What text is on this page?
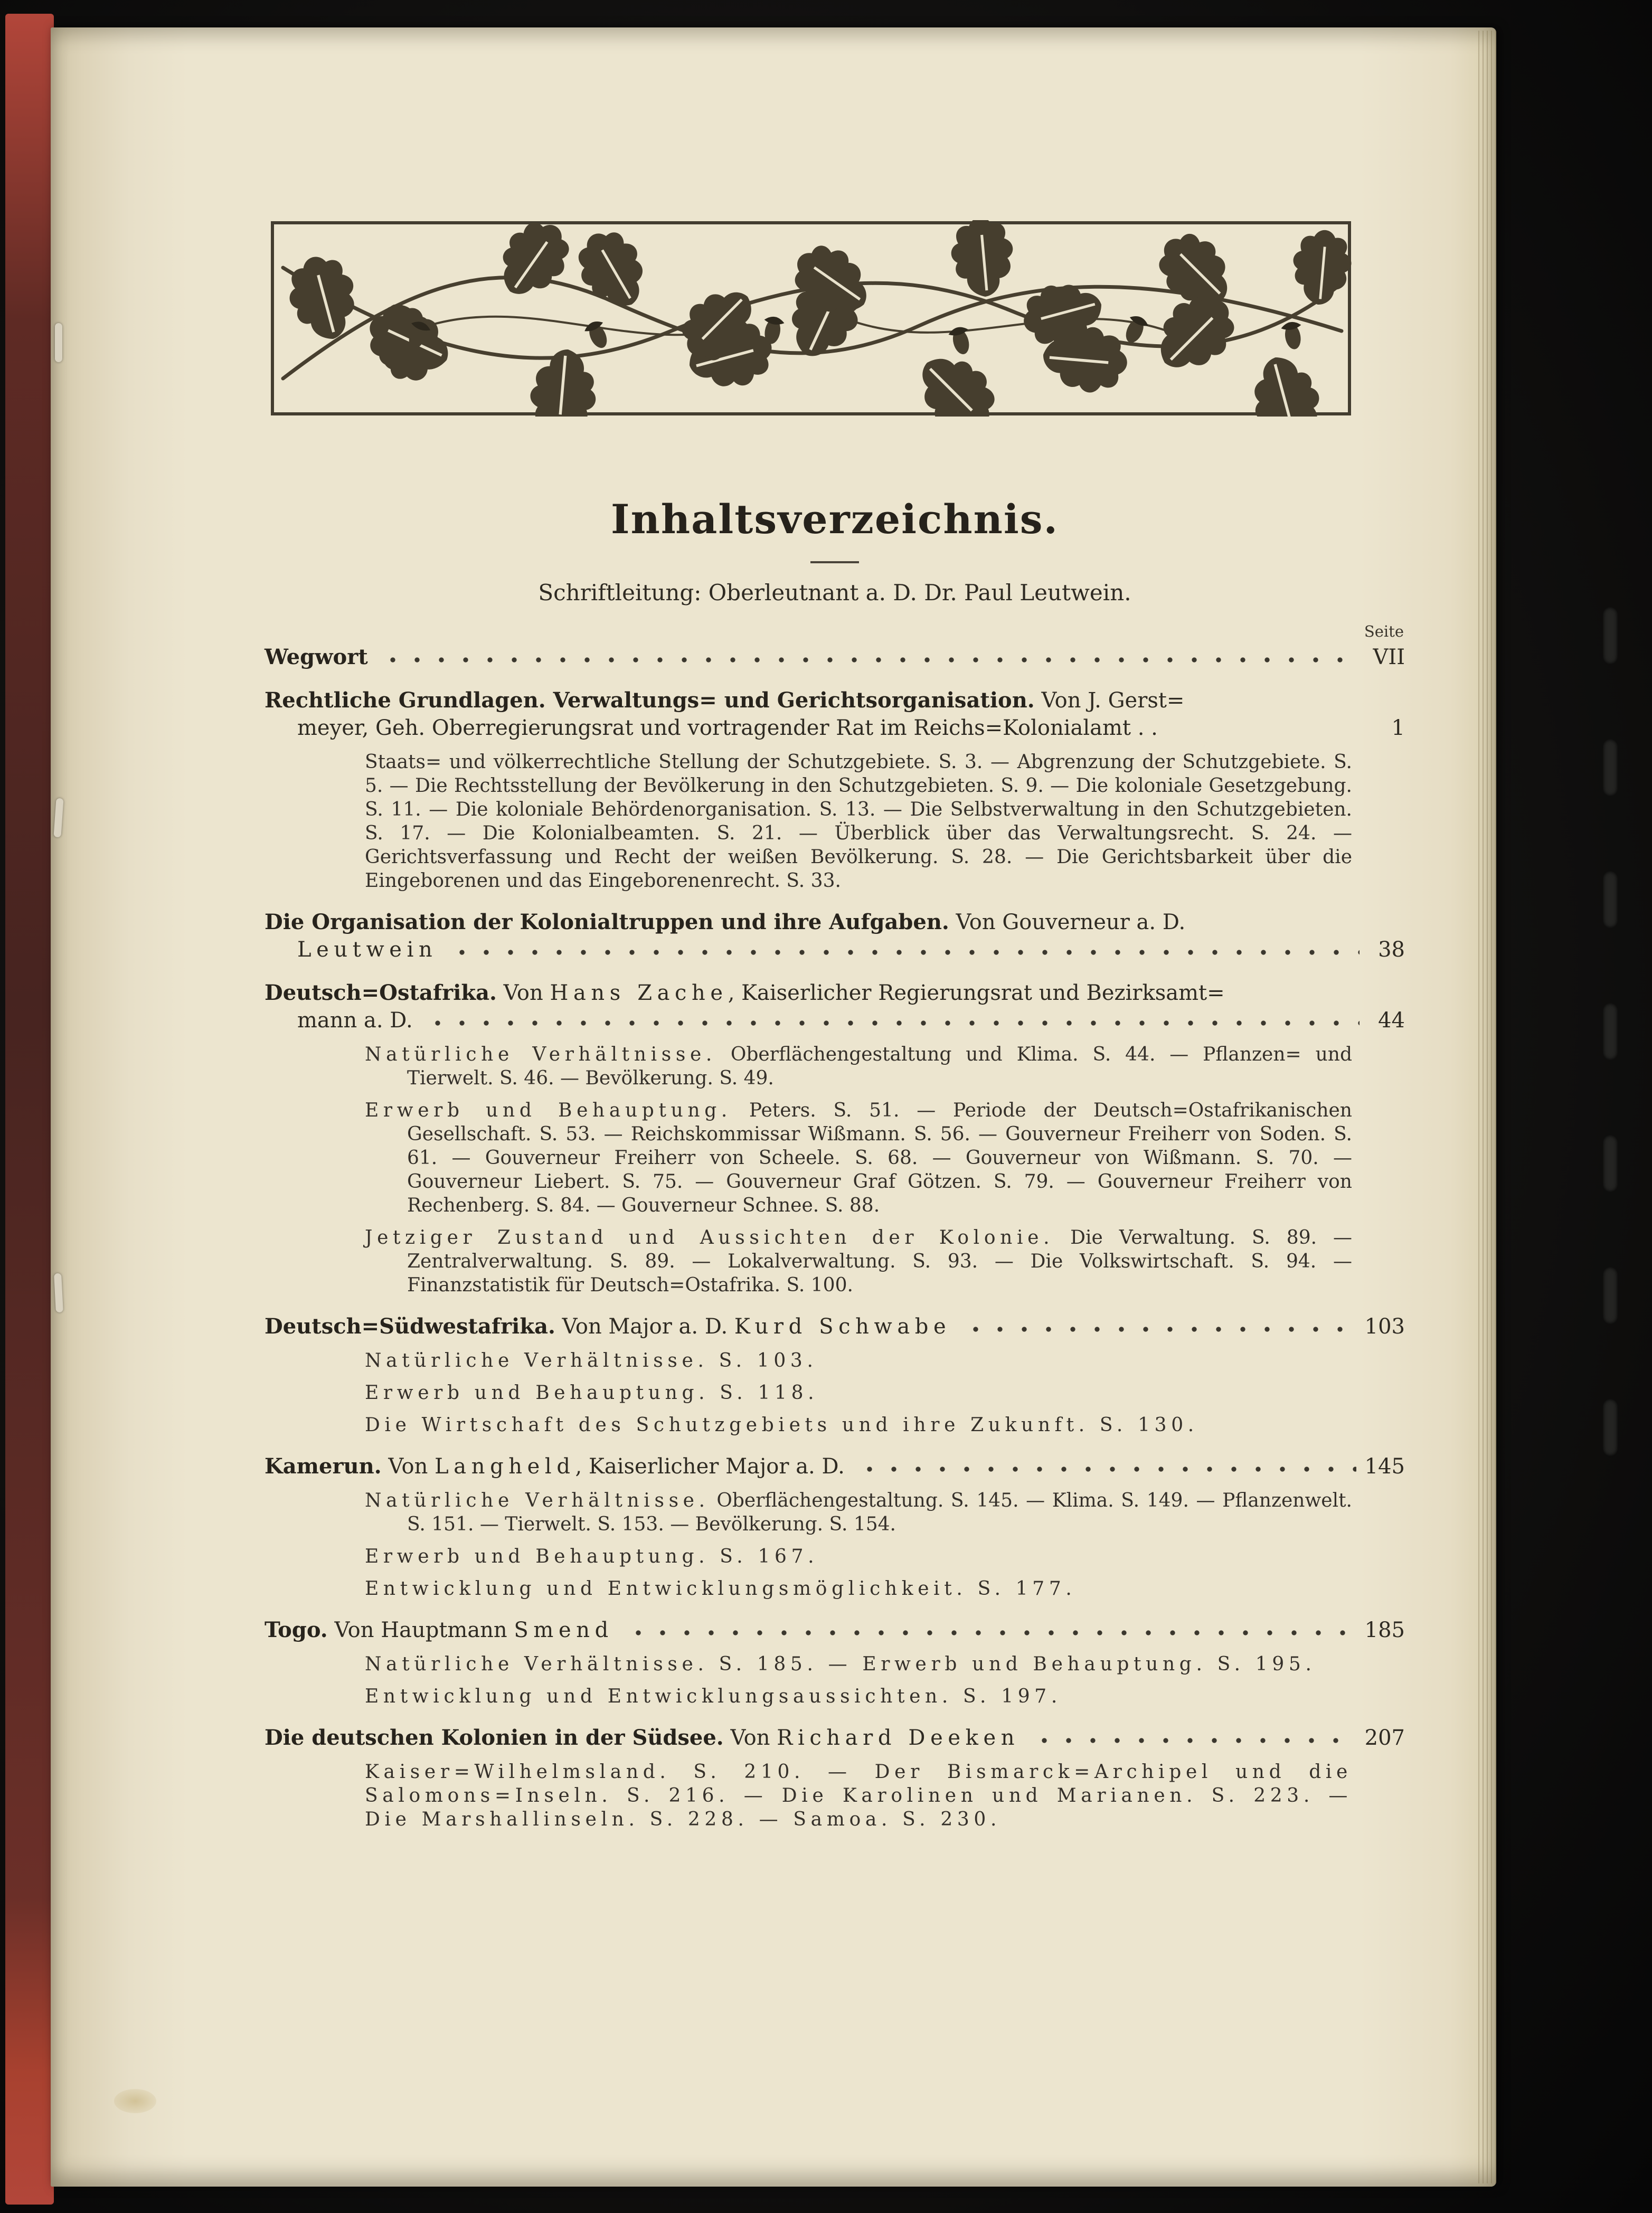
Inhaltsverzeichnis.

Schriftleitung: Oberleutnant a. D. Dr. Paul Leutwein.

Seite
Wegwort	VII
Rechtliche Grundlagen. Verwaltungs= und Gerichtsorganisation. Von J. Gerst=
meyer, Geh. Oberregierungsrat und vortragender Rat im Reichs=Kolonialamt . .	1

Staats= und völkerrechtliche Stellung der Schutzgebiete. S. 3. — Abgrenzung der Schutzgebiete. S. 5. — Die Rechtsstellung der Bevölkerung in den Schutzgebieten. S. 9. — Die koloniale Gesetzgebung. S. 11. — Die koloniale Behördenorganisation. S. 13. — Die Selbstverwaltung in den Schutzgebieten. S. 17. — Die Kolonialbeamten. S. 21. — Überblick über das Verwaltungsrecht. S. 24. — Gerichtsverfassung und Recht der weißen Bevölkerung. S. 28. — Die Gerichtsbarkeit über die Eingeborenen und das Eingeborenenrecht. S. 33.

Die Organisation der Kolonialtruppen und ihre Aufgaben. Von Gouverneur a. D.
Leutwein	38
Deutsch=Ostafrika. Von Hans Zache, Kaiserlicher Regierungsrat und Bezirksamt=
mann a. D.	44

Natürliche Verhältnisse. Oberflächengestaltung und Klima. S. 44. — Pflanzen= und Tierwelt. S. 46. — Bevölkerung. S. 49.

Erwerb und Behauptung. Peters. S. 51. — Periode der Deutsch=Ostafrikanischen Gesellschaft. S. 53. — Reichskommissar Wißmann. S. 56. — Gouverneur Freiherr von Soden. S. 61. — Gouverneur Freiherr von Scheele. S. 68. — Gouverneur von Wißmann. S. 70. — Gouverneur Liebert. S. 75. — Gouverneur Graf Götzen. S. 79. — Gouverneur Freiherr von Rechenberg. S. 84. — Gouverneur Schnee. S. 88.

Jetziger Zustand und Aussichten der Kolonie. Die Verwaltung. S. 89. — Zentralverwaltung. S. 89. — Lokalverwaltung. S. 93. — Die Volkswirtschaft. S. 94. — Finanzstatistik für Deutsch=Ostafrika. S. 100.

Deutsch=Südwestafrika. Von Major a. D. Kurd Schwabe	103

Natürliche Verhältnisse. S. 103.

Erwerb und Behauptung. S. 118.

Die Wirtschaft des Schutzgebiets und ihre Zukunft. S. 130.

Kamerun. Von Langheld, Kaiserlicher Major a. D.	145

Natürliche Verhältnisse. Oberflächengestaltung. S. 145. — Klima. S. 149. — Pflanzenwelt. S. 151. — Tierwelt. S. 153. — Bevölkerung. S. 154.

Erwerb und Behauptung. S. 167.

Entwicklung und Entwicklungsmöglichkeit. S. 177.

Togo. Von Hauptmann Smend	185

Natürliche Verhältnisse. S. 185. — Erwerb und Behauptung. S. 195.

Entwicklung und Entwicklungsaussichten. S. 197.

Die deutschen Kolonien in der Südsee. Von Richard Deeken	207

Kaiser=Wilhelmsland. S. 210. — Der Bismarck=Archipel und die Salomons=Inseln. S. 216. — Die Karolinen und Marianen. S. 223. — Die Marshallinseln. S. 228. — Samoa. S. 230.
